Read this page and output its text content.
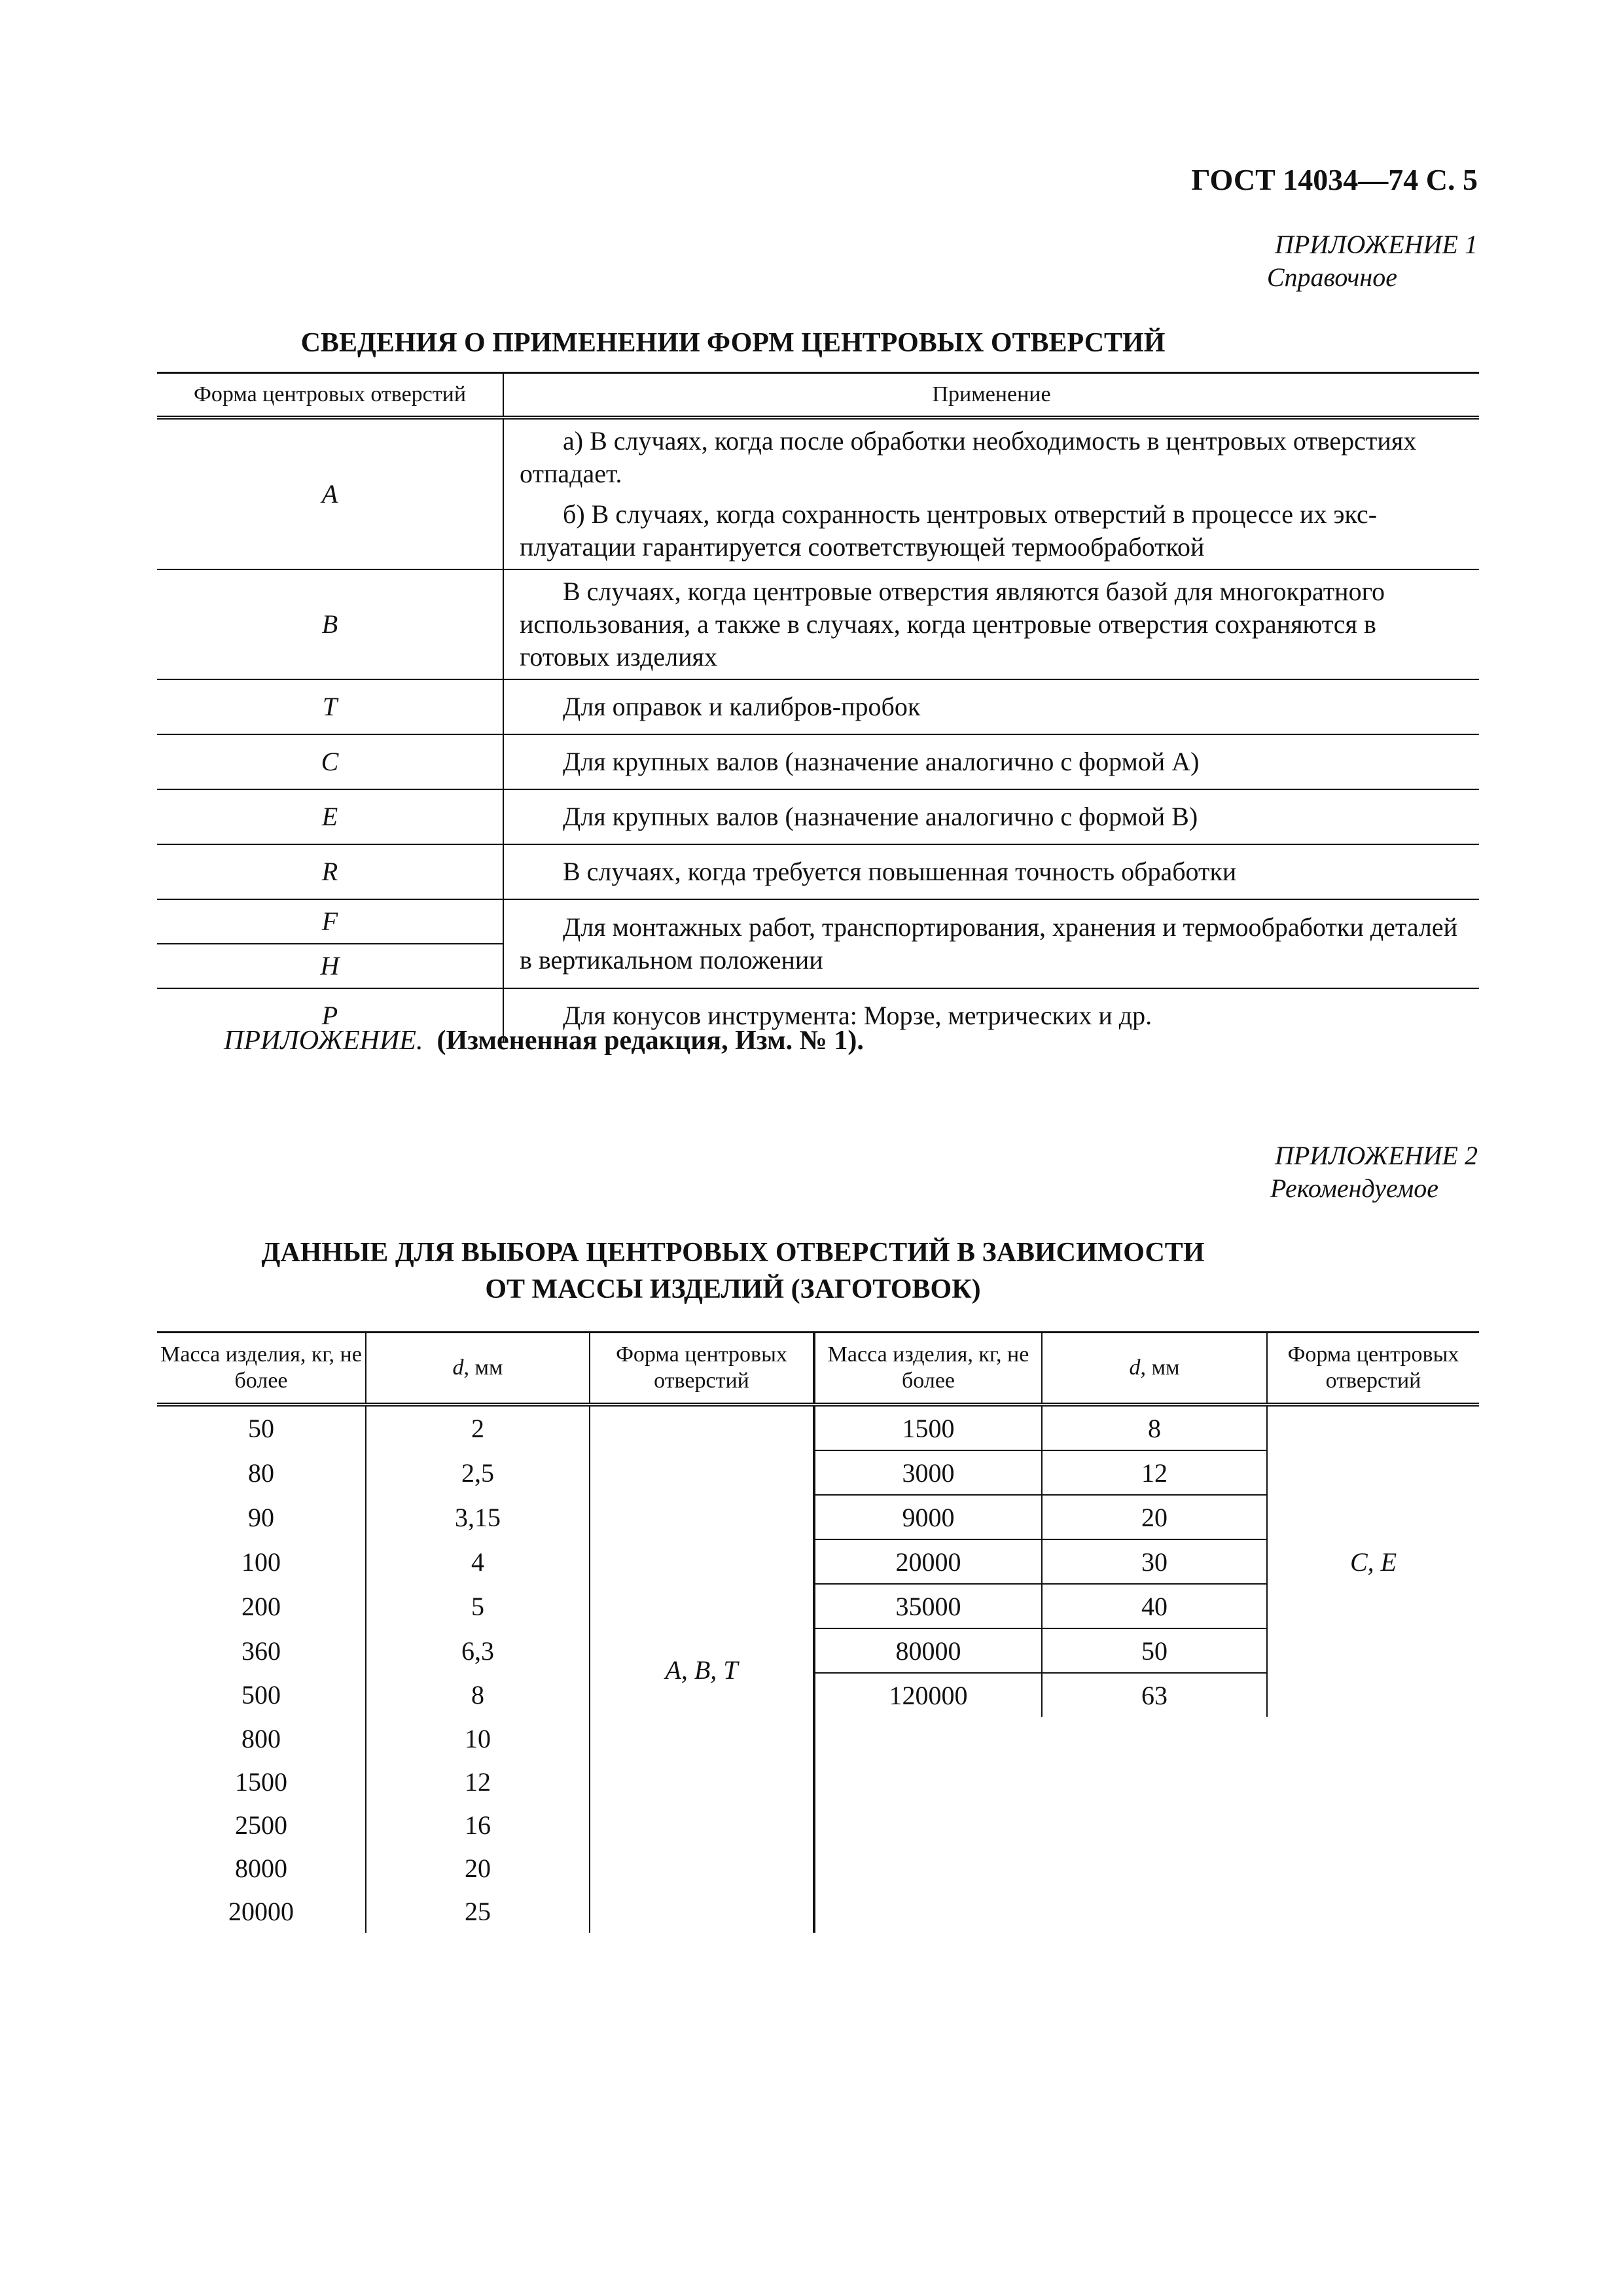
ГОСТ 14034—74 С. 5
ПРИЛОЖЕНИЕ 1
Справочное
СВЕДЕНИЯ О ПРИМЕНЕНИИ ФОРМ ЦЕНТРОВЫХ ОТВЕРСТИЙ
Форма центровых отверстий	Применение
A	а) В случаях, когда после обработки необходимость в центровых отверстиях отпадает.
б) В случаях, когда сохранность центровых отверстий в процессе их эксплуатации гарантируется соответствующей термообработкой

B	В случаях, когда центровые отверстия являются базой для многократного использования, а также в случаях, когда центровые отверстия сохраняются в готовых изделиях

T	Для оправок и калибров-пробок

C	Для крупных валов (назначение аналогично с формой А)

E	Для крупных валов (назначение аналогично с формой В)

R	В случаях, когда требуется повышенная точность обработки

F	Для монтажных работ, транспортирования, хранения и термообработки деталей в вертикальном положении

H	
P	Для конусов инструмента: Морзе, метрических и др.
ПРИЛОЖЕНИЕ. (Измененная редакция, Изм. № 1).
ПРИЛОЖЕНИЕ 2
Рекомендуемое
ДАННЫЕ ДЛЯ ВЫБОРА ЦЕНТРОВЫХ ОТВЕРСТИЙ В ЗАВИСИМОСТИ
ОТ МАССЫ ИЗДЕЛИЙ (ЗАГОТОВОК)
Масса изделия, кг, не более	d, мм	Форма центровых отверстий	Масса изделия, кг, не более	d, мм	Форма центровых отверстий
50	2	A, B, T	1500	8	C, E
80	2,5		3000	12	
90	3,15		9000	20	
100	4		20000	30	
200	5		35000	40	
360	6,3		80000	50	
500	8		120000	63	
800	10				
1500	12				
2500	16				
8000	20				
20000	25				
